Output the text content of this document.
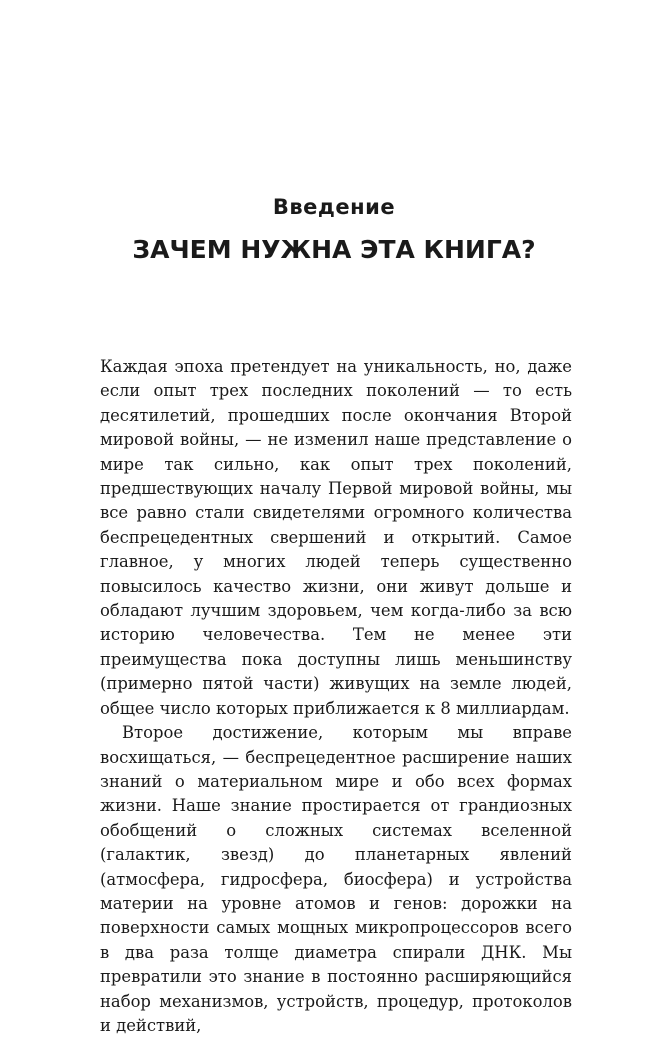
Введение
ЗАЧЕМ НУЖНА ЭТА КНИГА?

Каждая эпоха претендует на уникальность, но, даже если опыт трех последних поколений — то есть десятилетий, прошедших после окончания Второй мировой войны, — не изменил наше представление о мире так сильно, как опыт трех поколений, предшествующих началу Первой мировой войны, мы все равно стали свидетелями огромного количества беспрецедентных свершений и открытий. Самое главное, у многих людей теперь существенно повысилось качество жизни, они живут дольше и обладают лучшим здоровьем, чем когда-либо за всю историю человечества. Тем не менее эти преимущества пока доступны лишь меньшинству (примерно пятой части) живущих на земле людей, общее число которых приближается к 8 миллиардам.

Второе достижение, которым мы вправе восхищаться, — беспрецедентное расширение наших знаний о материальном мире и обо всех формах жизни. Наше знание простирается от грандиозных обобщений о сложных системах вселенной (галактик, звезд) до планетарных явлений (атмосфера, гидросфера, биосфера) и устройства материи на уровне атомов и генов: дорожки на поверхности самых мощных микропроцессоров всего в два раза толще диаметра спирали ДНК. Мы превратили это знание в постоянно расширяющийся набор механизмов, устройств, процедур, протоколов и действий,
